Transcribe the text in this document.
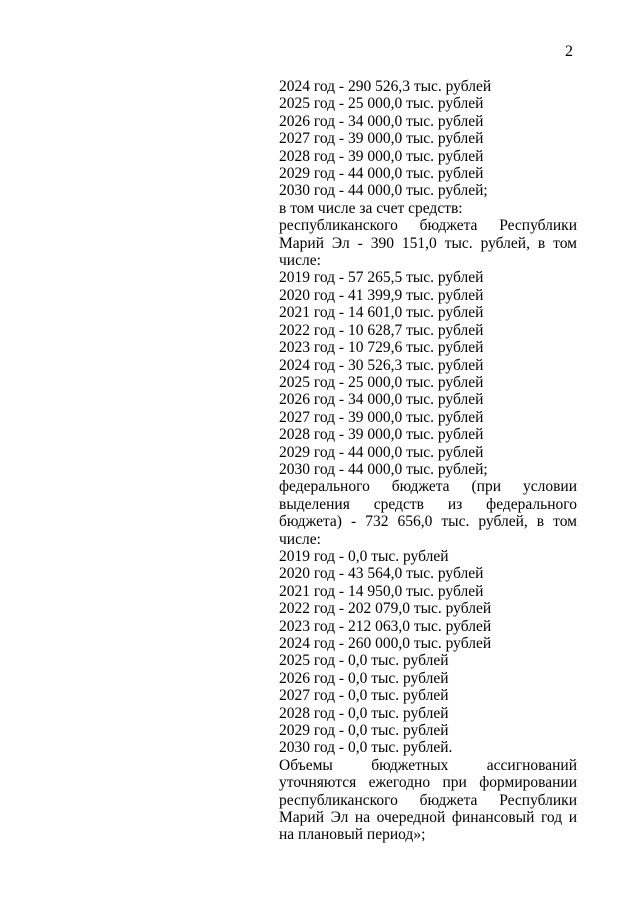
2
2024 год - 290 526,3 тыс. рублей
2025 год - 25 000,0 тыс. рублей
2026 год - 34 000,0 тыс. рублей
2027 год - 39 000,0 тыс. рублей
2028 год - 39 000,0 тыс. рублей
2029 год - 44 000,0 тыс. рублей
2030 год - 44 000,0 тыс. рублей;
в том числе за счет средств:
республиканского бюджета Республики Марий Эл - 390 151,0 тыс. рублей, в том числе:
2019 год - 57 265,5 тыс. рублей
2020 год - 41 399,9 тыс. рублей
2021 год - 14 601,0 тыс. рублей
2022 год - 10 628,7 тыс. рублей
2023 год - 10 729,6 тыс. рублей
2024 год - 30 526,3 тыс. рублей
2025 год - 25 000,0 тыс. рублей
2026 год - 34 000,0 тыс. рублей
2027 год - 39 000,0 тыс. рублей
2028 год - 39 000,0 тыс. рублей
2029 год - 44 000,0 тыс. рублей
2030 год - 44 000,0 тыс. рублей;
федерального бюджета (при условии выделения средств из федерального бюджета) - 732 656,0 тыс. рублей, в том числе:
2019 год - 0,0 тыс. рублей
2020 год - 43 564,0 тыс. рублей
2021 год - 14 950,0 тыс. рублей
2022 год - 202 079,0 тыс. рублей
2023 год - 212 063,0 тыс. рублей
2024 год - 260 000,0 тыс. рублей
2025 год - 0,0 тыс. рублей
2026 год - 0,0 тыс. рублей
2027 год - 0,0 тыс. рублей
2028 год - 0,0 тыс. рублей
2029 год - 0,0 тыс. рублей
2030 год - 0,0 тыс. рублей.
Объемы бюджетных ассигнований уточняются ежегодно при формировании республиканского бюджета Республики Марий Эл на очередной финансовый год и на плановый период»;
